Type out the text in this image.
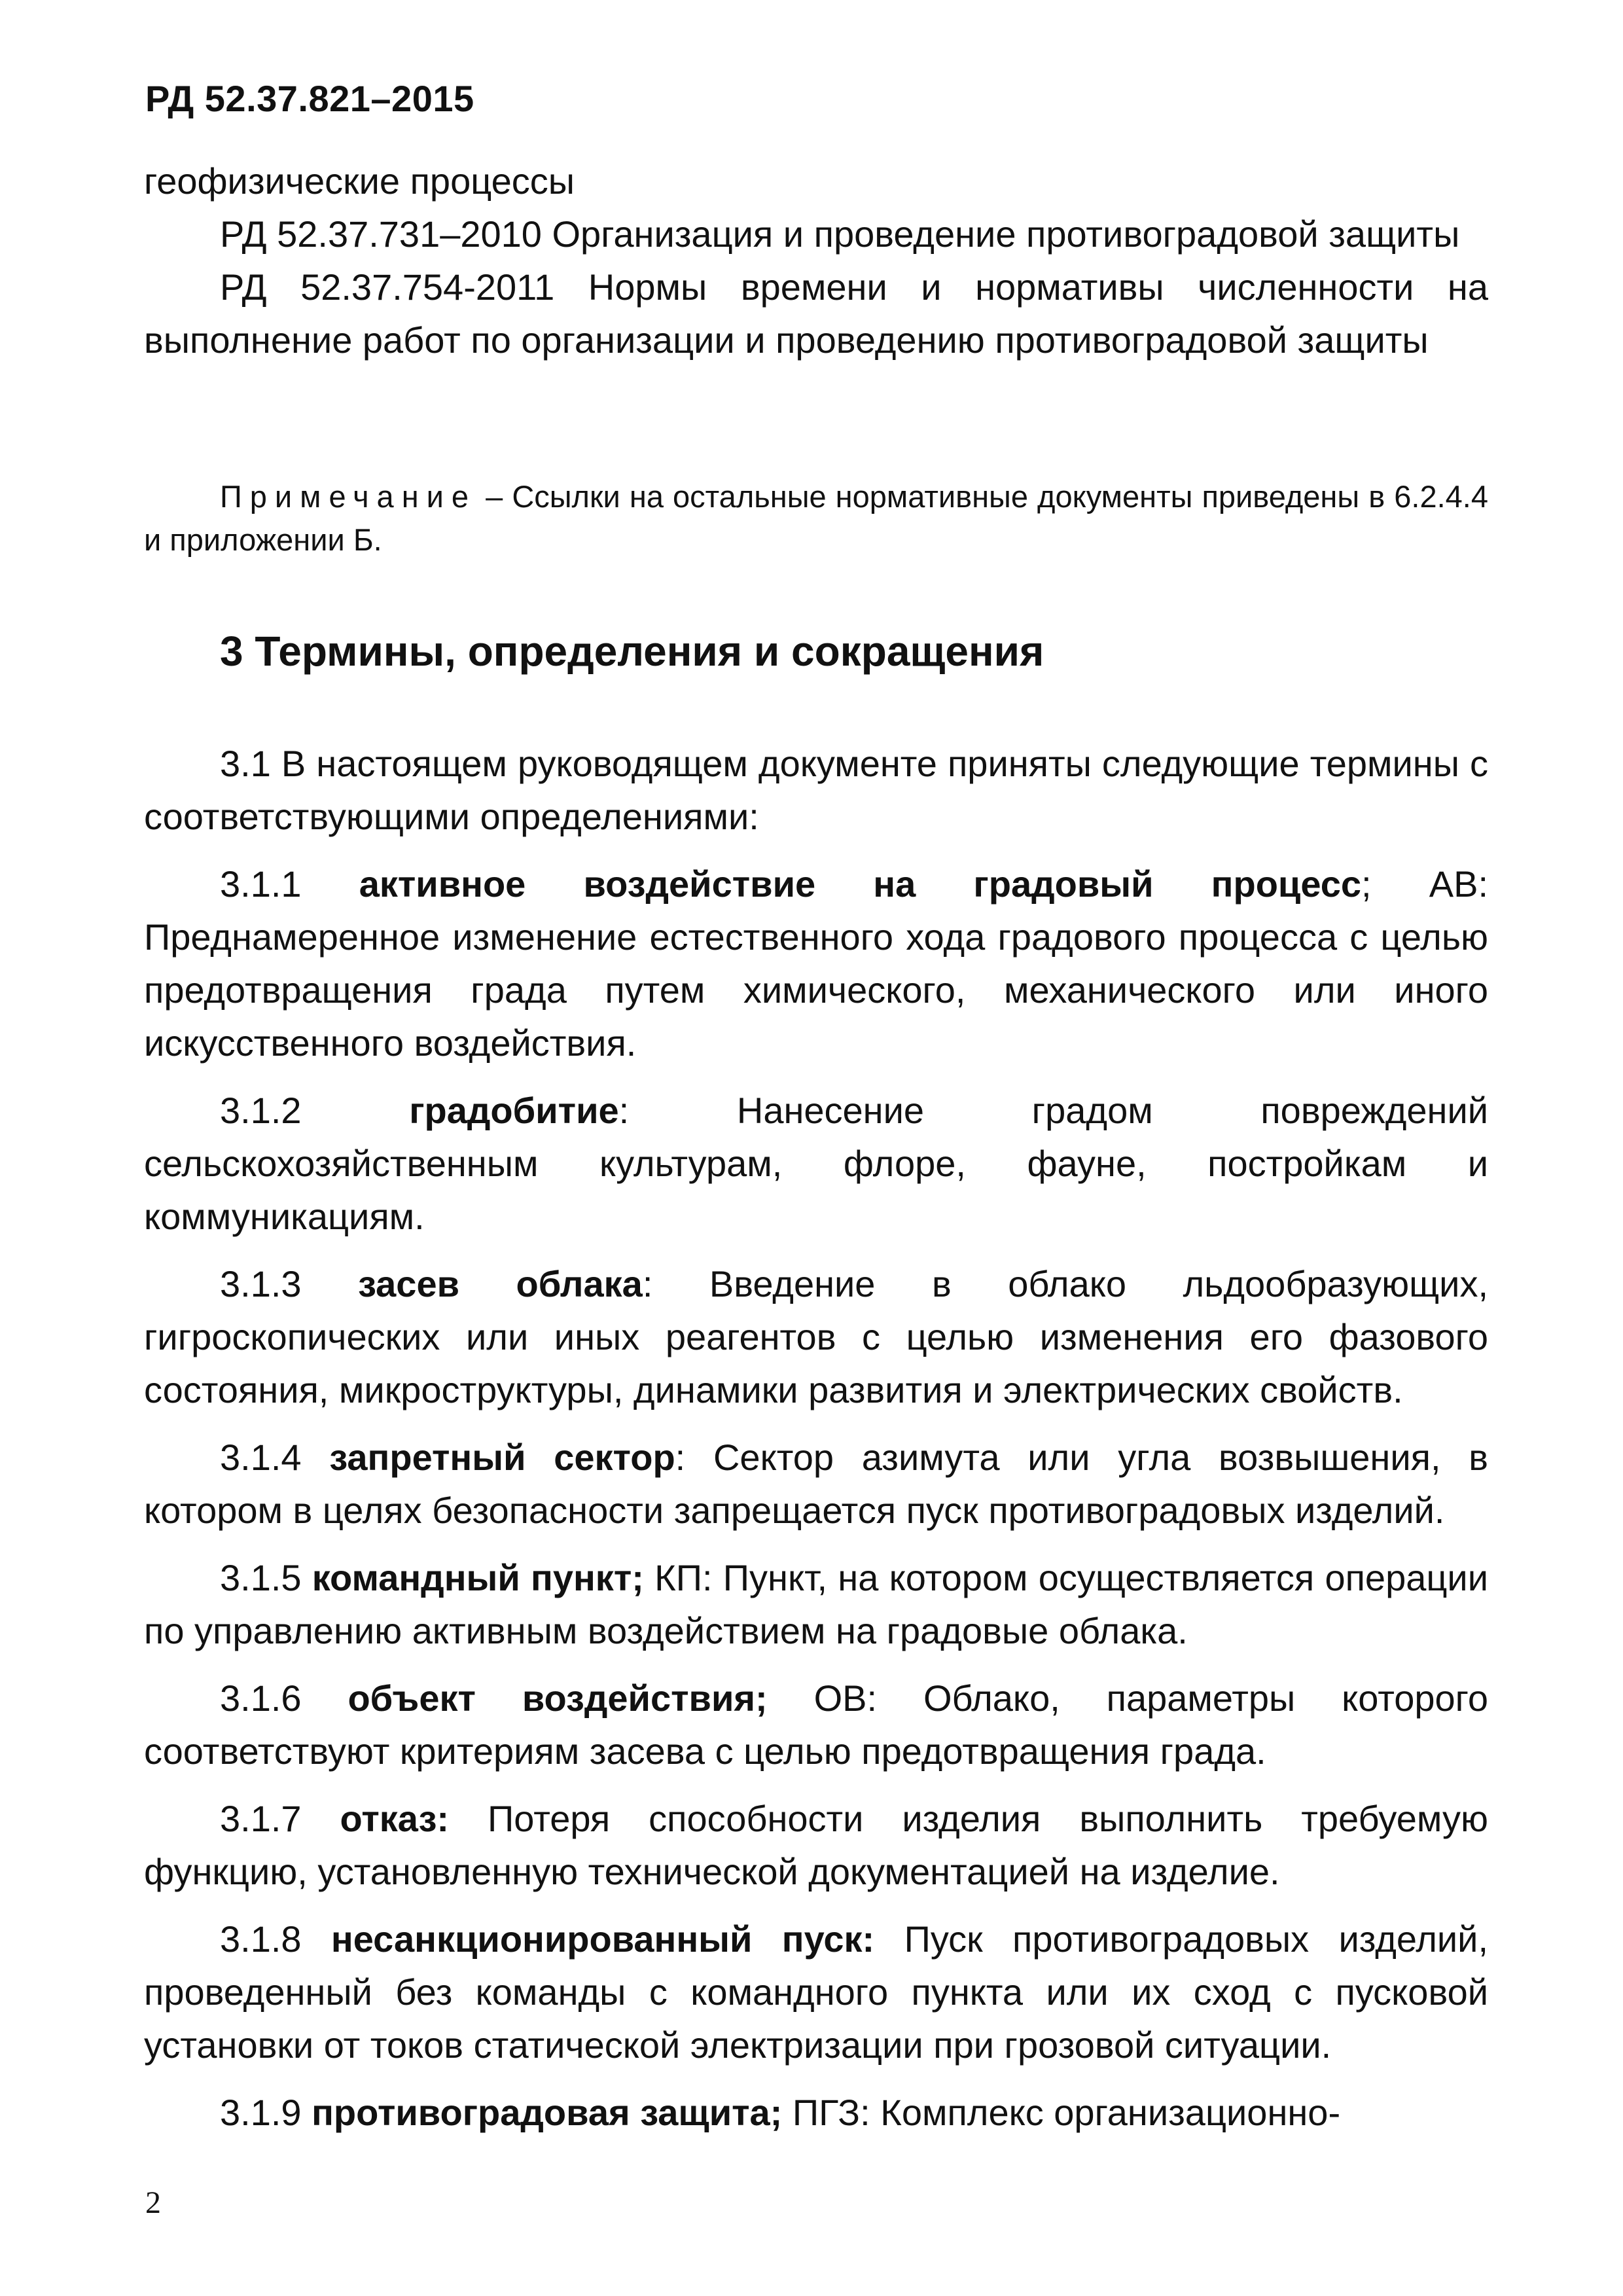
РД 52.37.821–2015

геофизические процессы

РД 52.37.731–2010 Организация и проведение противоградовой защиты

РД 52.37.754-2011 Нормы времени и нормативы численности на выполнение работ по организации и проведению противоградовой защиты

Примечание – Ссылки на остальные нормативные документы приведены в 6.2.4.4 и приложении Б.

3 Термины, определения и сокращения

3.1 В настоящем руководящем документе приняты следующие термины с соответствующими определениями:

3.1.1 активное воздействие на градовый процесс; АВ: Преднамеренное изменение естественного хода градового процесса с целью предотвращения града путем химического, механического или иного искусственного воздействия.

3.1.2 градобитие: Нанесение градом повреждений сельскохозяйственным культурам, флоре, фауне, постройкам и коммуникациям.

3.1.3 засев облака: Введение в облако льдообразующих, гигроскопических или иных реагентов с целью изменения его фазового состояния, микроструктуры, динамики развития и электрических свойств.

3.1.4 запретный сектор: Сектор азимута или угла возвышения, в котором в целях безопасности запрещается пуск противоградовых изделий.

3.1.5 командный пункт; КП: Пункт, на котором осуществляется операции по управлению активным воздействием на градовые облака.

3.1.6 объект воздействия; ОВ: Облако, параметры которого соответствуют критериям засева с целью предотвращения града.

3.1.7 отказ: Потеря способности изделия выполнить требуемую функцию, установленную технической документацией на изделие.

3.1.8 несанкционированный пуск: Пуск противоградовых изделий, проведенный без команды с командного пункта или их сход с пусковой установки от токов статической электризации при грозовой ситуации.

3.1.9 противоградовая защита; ПГЗ: Комплекс организационно-

2
